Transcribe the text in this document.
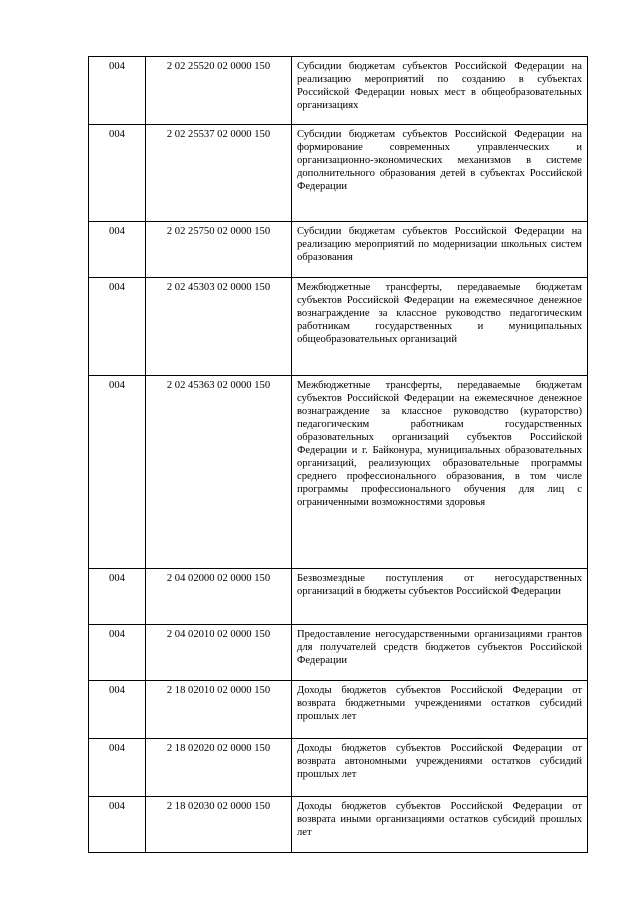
004	2 02 25520 02 0000 150	Субсидии бюджетам субъектов Российской Федерации на реализацию мероприятий по созданию в субъектах Российской Федерации новых мест в общеобразовательных организациях
004	2 02 25537 02 0000 150	Субсидии бюджетам субъектов Российской Федерации на формирование современных управленческих и организационно-экономических механизмов в системе дополнительного образования детей в субъектах Российской Федерации
004	2 02 25750 02 0000 150	Субсидии бюджетам субъектов Российской Федерации на реализацию мероприятий по модернизации школьных систем образования
004	2 02 45303 02 0000 150	Межбюджетные трансферты, передаваемые бюджетам субъектов Российской Федерации на ежемесячное денежное вознаграждение за классное руководство педагогическим работникам государственных и муниципальных общеобразовательных организаций
004	2 02 45363 02 0000 150	Межбюджетные трансферты, передаваемые бюджетам субъектов Российской Федерации на ежемесячное денежное вознаграждение за классное руководство (кураторство) педагогическим работникам государственных образовательных организаций субъектов Российской Федерации и г. Байконура, муниципальных образовательных организаций, реализующих образовательные программы среднего профессионального образования, в том числе программы профессионального обучения для лиц с ограниченными возможностями здоровья
004	2 04 02000 02 0000 150	Безвозмездные поступления от негосударственных организаций в бюджеты субъектов Российской Федерации
004	2 04 02010 02 0000 150	Предоставление негосударственными организациями грантов для получателей средств бюджетов субъектов Российской Федерации
004	2 18 02010 02 0000 150	Доходы бюджетов субъектов Российской Федерации от возврата бюджетными учреждениями остатков субсидий прошлых лет
004	2 18 02020 02 0000 150	Доходы бюджетов субъектов Российской Федерации от возврата автономными учреждениями остатков субсидий прошлых лет
004	2 18 02030 02 0000 150	Доходы бюджетов субъектов Российской Федерации от возврата иными организациями остатков субсидий прошлых лет
